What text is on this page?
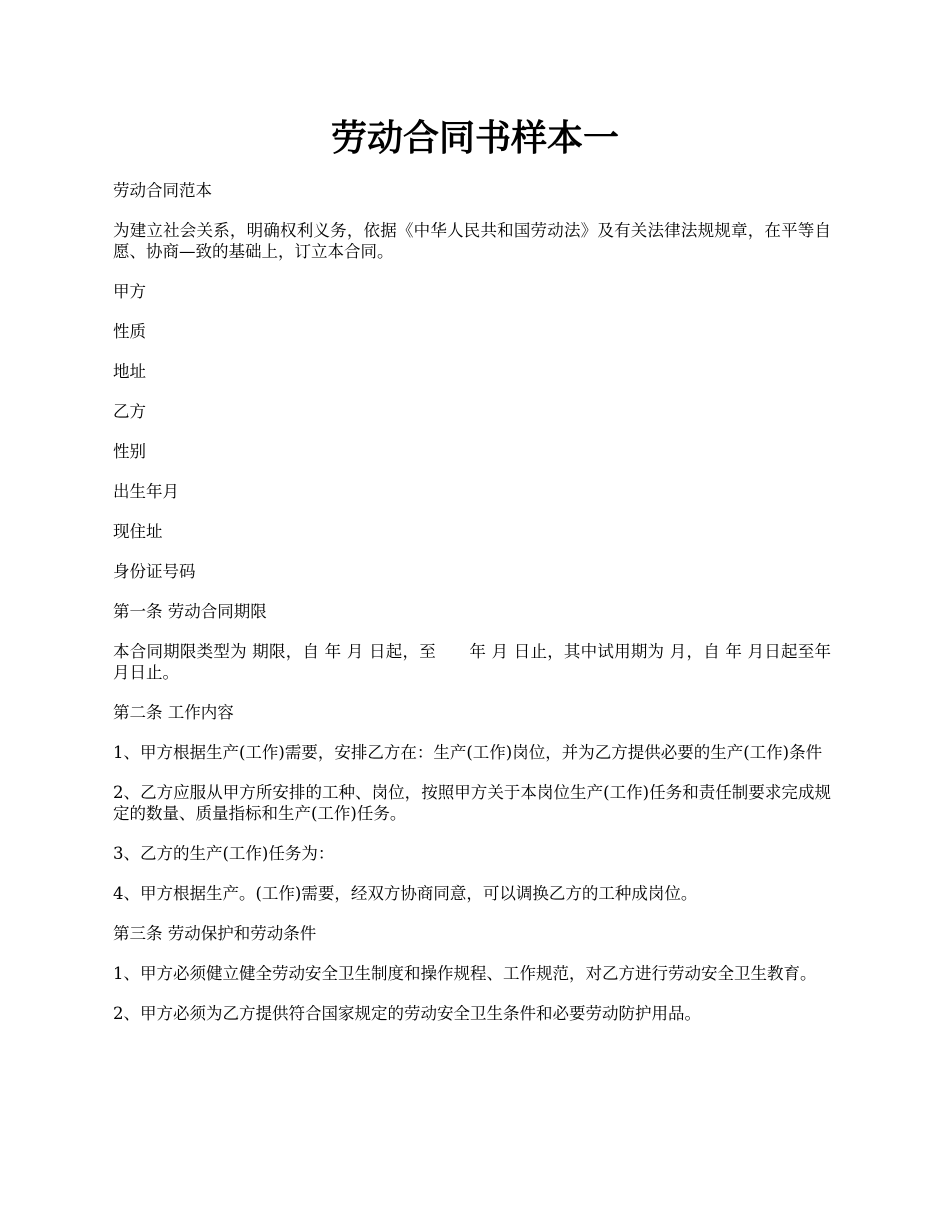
劳动合同书样本一

劳动合同范本

为建立社会关系，明确权利义务，依据《中华人民共和国劳动法》及有关法律法规规章，在平等自愿、协商—致的基础上，订立本合同。

甲方

性质

地址

乙方

性别

出生年月

现住址

身份证号码

第一条 劳动合同期限

本合同期限类型为 期限，自 年 月 日起，至　　年 月 日止，其中试用期为 月，自 年 月日起至年月日止。

第二条 工作内容

1、甲方根据生产(工作)需要，安排乙方在：生产(工作)岗位，并为乙方提供必要的生产(工作)条件

2、乙方应服从甲方所安排的工种、岗位，按照甲方关于本岗位生产(工作)任务和责任制要求完成规定的数量、质量指标和生产(工作)任务。

3、乙方的生产(工作)任务为：

4、甲方根据生产。(工作)需要，经双方协商同意，可以调换乙方的工种成岗位。

第三条 劳动保护和劳动条件

1、甲方必须健立健全劳动安全卫生制度和操作规程、工作规范，对乙方进行劳动安全卫生教育。

2、甲方必须为乙方提供符合国家规定的劳动安全卫生条件和必要劳动防护用品。
